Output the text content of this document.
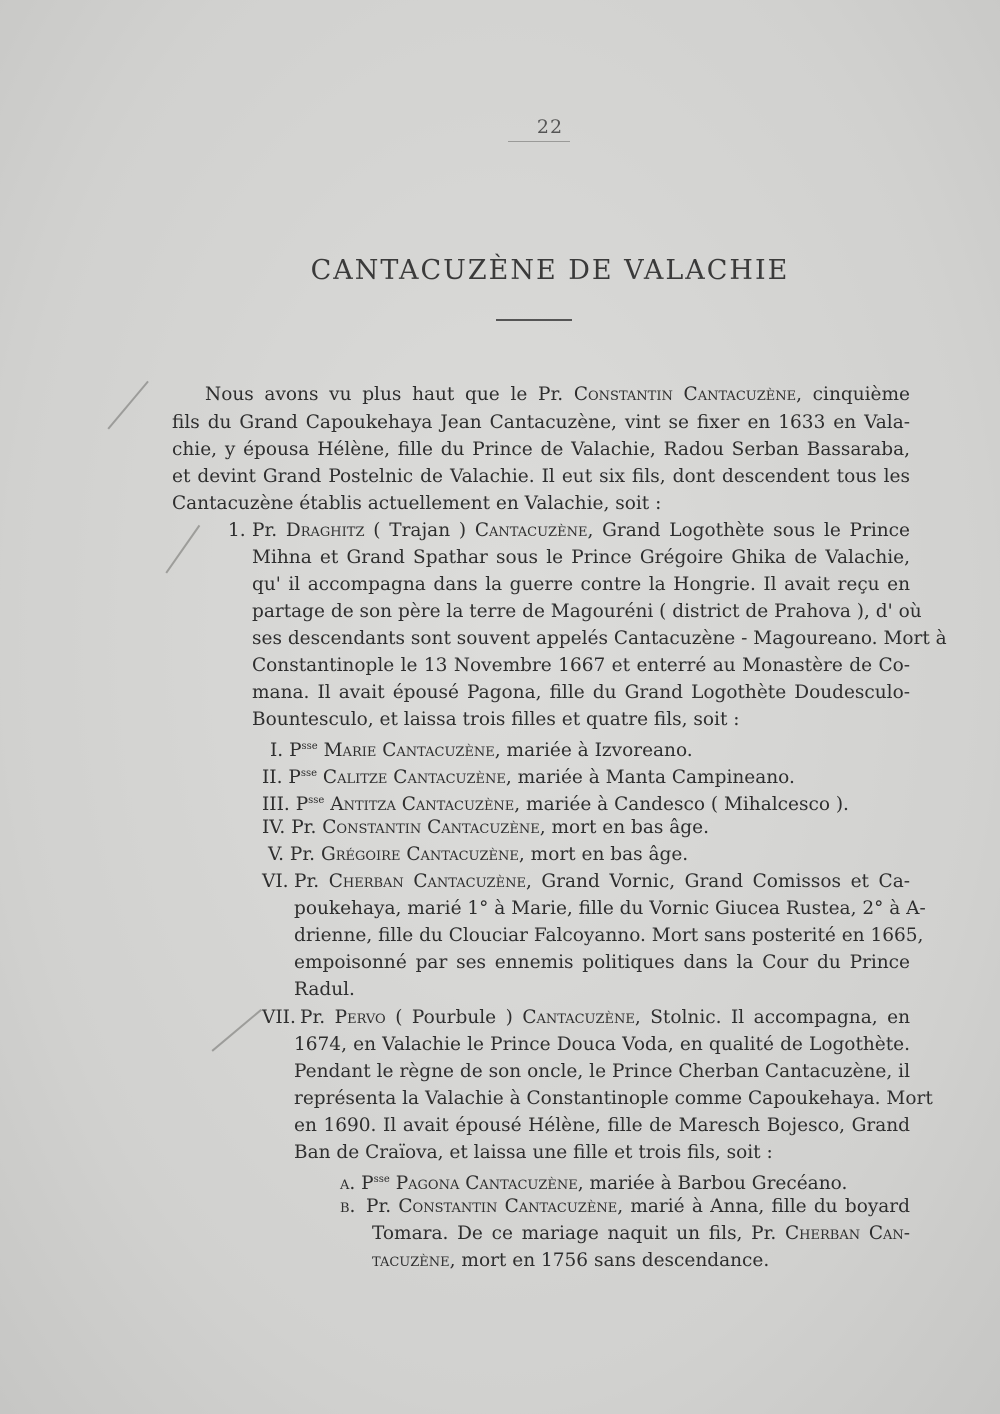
22
CANTACUZÈNE DE VALACHIE
Nous avons vu plus haut que le Pr. Constantin Cantacuzène, cinquième
fils du Grand Capoukehaya Jean Cantacuzène, vint se fixer en 1633 en Vala-
chie, y épousa Hélène, fille du Prince de Valachie, Radou Serban Bassaraba,
et devint Grand Postelnic de Valachie. Il eut six fils, dont descendent tous les
Cantacuzène établis actuellement en Valachie, soit :
1. Pr. Draghitz ( Trajan ) Cantacuzène, Grand Logothète sous le Prince
Mihna et Grand Spathar sous le Prince Grégoire Ghika de Valachie,
qu' il accompagna dans la guerre contre la Hongrie. Il avait reçu en
partage de son père la terre de Magouréni ( district de Prahova ), d' où
ses descendants sont souvent appelés Cantacuzène - Magoureano. Mort à
Constantinople le 13 Novembre 1667 et enterré au Monastère de Co-
mana. Il avait épousé Pagona, fille du Grand Logothète Doudesculo-
Bountesculo, et laissa trois filles et quatre fils, soit :
I. $P^{sse}$ Marie Cantacuzène, mariée à Izvoreano.
II. $P^{sse}$ Calitze Cantacuzène, mariée à Manta Campineano.
III. $P^{sse}$ Antitza Cantacuzène, mariée à Candesco ( Mihalcesco ).
IV. Pr. Constantin Cantacuzène, mort en bas âge.
V. Pr. Grégoire Cantacuzène, mort en bas âge.
VI. Pr. Cherban Cantacuzène, Grand Vornic, Grand Comissos et Ca-
poukehaya, marié 1° à Marie, fille du Vornic Giucea Rustea, 2° à A-
drienne, fille du Clouciar Falcoyanno. Mort sans posterité en 1665,
empoisonné par ses ennemis politiques dans la Cour du Prince
Radul.
VII. Pr. Pervo ( Pourbule ) Cantacuzène, Stolnic. Il accompagna, en
1674, en Valachie le Prince Douca Voda, en qualité de Logothète.
Pendant le règne de son oncle, le Prince Cherban Cantacuzène, il
représenta la Valachie à Constantinople comme Capoukehaya. Mort
en 1690. Il avait épousé Hélène, fille de Maresch Bojesco, Grand
Ban de Craïova, et laissa une fille et trois fils, soit :
a. $P^{sse}$ Pagona Cantacuzène, mariée à Barbou Grecéano.
b. Pr. Constantin Cantacuzène, marié à Anna, fille du boyard
Tomara. De ce mariage naquit un fils, Pr. Cherban Can-
tacuzène, mort en 1756 sans descendance.
